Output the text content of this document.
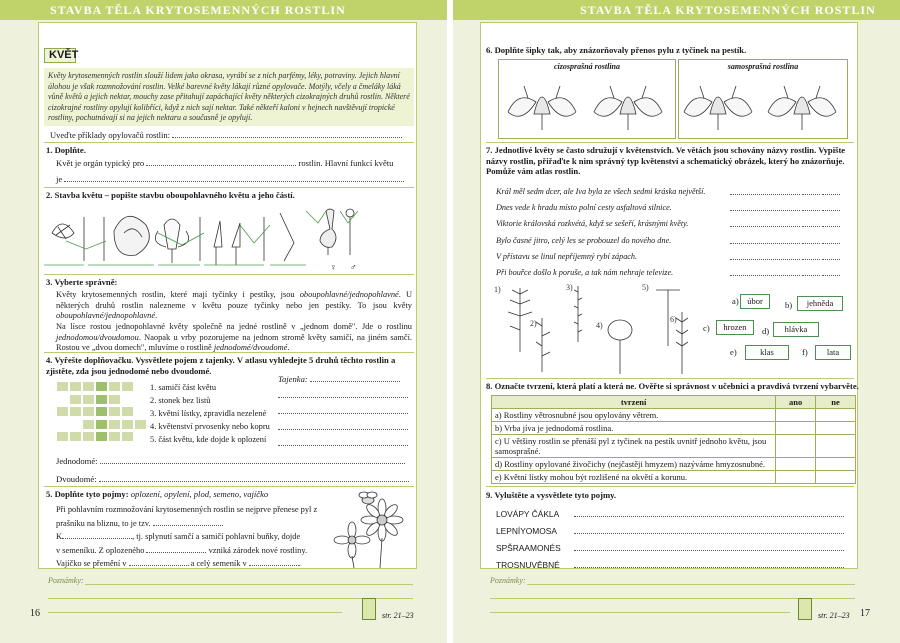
STAVBA TĚLA KRYTOSEMENNÝCH ROSTLIN	STAVBA TĚLA KRYTOSEMENNÝCH ROSTLIN
KVĚT
Květy krytosemenných rostlin slouží lidem jako okrasa, vyrábí se z nich parfémy, léky, potraviny. Jejich hlavní úlohou je však rozmnožování rostlin. Velké barevné květy lákají různé opylovače. Motýly, včely a čmeláky láká vůně květů a jejich nektar, mouchy zase přitahují zapáchající květy některých cizokrajných druhů rostlin. Některé cizokrajné rostliny opylují kolibříci, když z nich sají nektar. Také někteří kaloni v hejnech navštěvují tropické rostliny, pochutnávají si na jejich nektaru a současně je opylují.
Uveďte příklady opylovačů rostlin:
1. Doplňte.
Květ je orgán typický pro	rostlin. Hlavní funkcí květu
je
2. Stavba květu – popište stavbu oboupohlavného květu a jeho částí.
♀ ♂
3. Vyberte správně:
Květy krytosemenných rostlin, které mají tyčinky i pestíky, jsou oboupohlavné/jednopohlavné. U některých druhů rostlin nalezneme v květu pouze tyčinky nebo jen pestíky. To jsou květy oboupohlavné/jednopohlavné.
Na lísce rostou jednopohlavné květy společně na jedné rostlině v „jednom domě". Jde o rostlinu jednodomou/dvoudomou. Naopak u vrby pozorujeme na jednom stromě květy samičí, na jiném samčí. Rostou ve „dvou domech", mluvíme o rostlině jednodomé/dvoudomé.
4. Vyřešte doplňovačku. Vysvětlete pojem z tajenky. V atlasu vyhledejte 5 druhů těchto rostlin a zjistěte, zda jsou jednodomé nebo dvoudomé.
1. samičí část květu
2. stonek bez listů
3. květní lístky, zpravidla nezelené
4. květenství prvosenky nebo kopru
5. část květu, kde dojde k oplození
Tajenka:
Jednodomé:
Dvoudomé:
5. Doplňte tyto pojmy: oplození, opylení, plod, semeno, vajíčko
Při pohlavním rozmnožování krytosemenných rostlin se nejprve přenese pyl z prašníku na bliznu, to je tzv.
K	, tj. splynutí samčí a samičí pohlavní buňky, dojde
v semeníku. Z oplozeného	vzniká zárodek nové rostliny.
Vajíčko se přemění v	a celý semeník v	.
Poznámky:
16	str. 21–23
6. Doplňte šipky tak, aby znázorňovaly přenos pylu z tyčinek na pestík.
cizosprašná rostlina	samosprašná rostlina
7. Jednotlivé květy se často sdružují v květenstvích. Ve větách jsou schovány názvy rostlin. Vypište názvy rostlin, přiřaďte k nim správný typ květenství a schematický obrázek, který ho znázorňuje. Pomůže vám atlas rostlin.
Král měl sedm dcer, ale Iva byla ze všech sedmi kráska největší.
Dnes vede k hradu místo polní cesty asfaltová silnice.
Viktorie královská rozkvétá, když se sešeří, krásnými květy.
Bylo časné jitro, celý les se probouzel do nového dne.
V přístavu se linul nepříjemný rybí zápach.
Při bouřce došlo k poruše, a tak nám nehraje televize.

1)
2)
3)
4)
5)
6)
a)	úbor	b)	jehněda
c)	hrozen	d)	hlávka
e)	klas	f)	lata
8. Označte tvrzení, která platí a která ne. Ověřte si správnost v učebnici a pravdivá tvrzení vybarvěte.
tvrzení	ano	ne
a) Rostliny větrosnubné jsou opylovány větrem.		
b) Vrba jíva je jednodomá rostlina.		
c) U většiny rostlin se přenáší pyl z tyčinek na pestík uvnitř jednoho květu, jsou samosprašné.		
d) Rostliny opylované živočichy (nejčastěji hmyzem) nazýváme hmyzosnubné.		
e) Květní lístky mohou být rozlišené na okvětí a korunu.		
9. Vyluštěte a vysvětlete tyto pojmy.
LOVÁPY ČÁKLA
LEPNÍYOMOSA
SPŠRAAMONÉS
TROSNUVĚBNÉ
Poznámky:
str. 21–23 17
